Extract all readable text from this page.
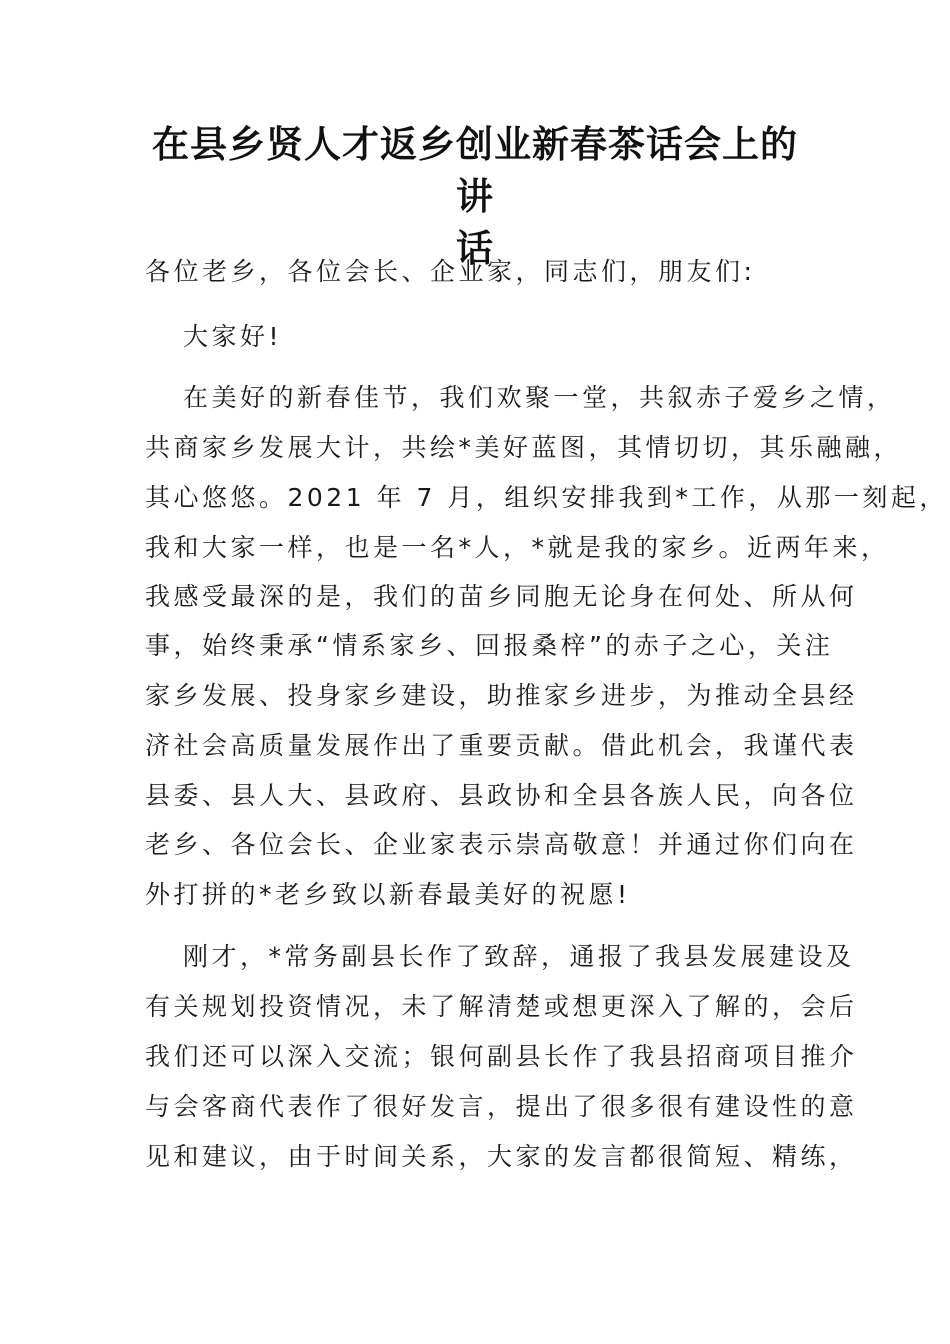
在县乡贤人才返乡创业新春茶话会上的讲
话

各位老乡，各位会长、企业家，同志们，朋友们:

大家好!

在美好的新春佳节，我们欢聚一堂，共叙赤子爱乡之情，

共商家乡发展大计，共绘*美好蓝图，其情切切，其乐融融，

其心悠悠。2021 年 7 月，组织安排我到*工作，从那一刻起，

我和大家一样，也是一名*人，*就是我的家乡。近两年来，

我感受最深的是，我们的苗乡同胞无论身在何处、所从何

事，始终秉承“情系家乡、回报桑梓”的赤子之心，关注

家乡发展、投身家乡建设，助推家乡进步，为推动全县经

济社会高质量发展作出了重要贡献。借此机会，我谨代表

县委、县人大、县政府、县政协和全县各族人民，向各位

老乡、各位会长、企业家表示崇高敬意！并通过你们向在

外打拼的*老乡致以新春最美好的祝愿!

刚才，*常务副县长作了致辞，通报了我县发展建设及

有关规划投资情况，未了解清楚或想更深入了解的，会后

我们还可以深入交流；银何副县长作了我县招商项目推介

与会客商代表作了很好发言，提出了很多很有建设性的意

见和建议，由于时间关系，大家的发言都很简短、精练，
